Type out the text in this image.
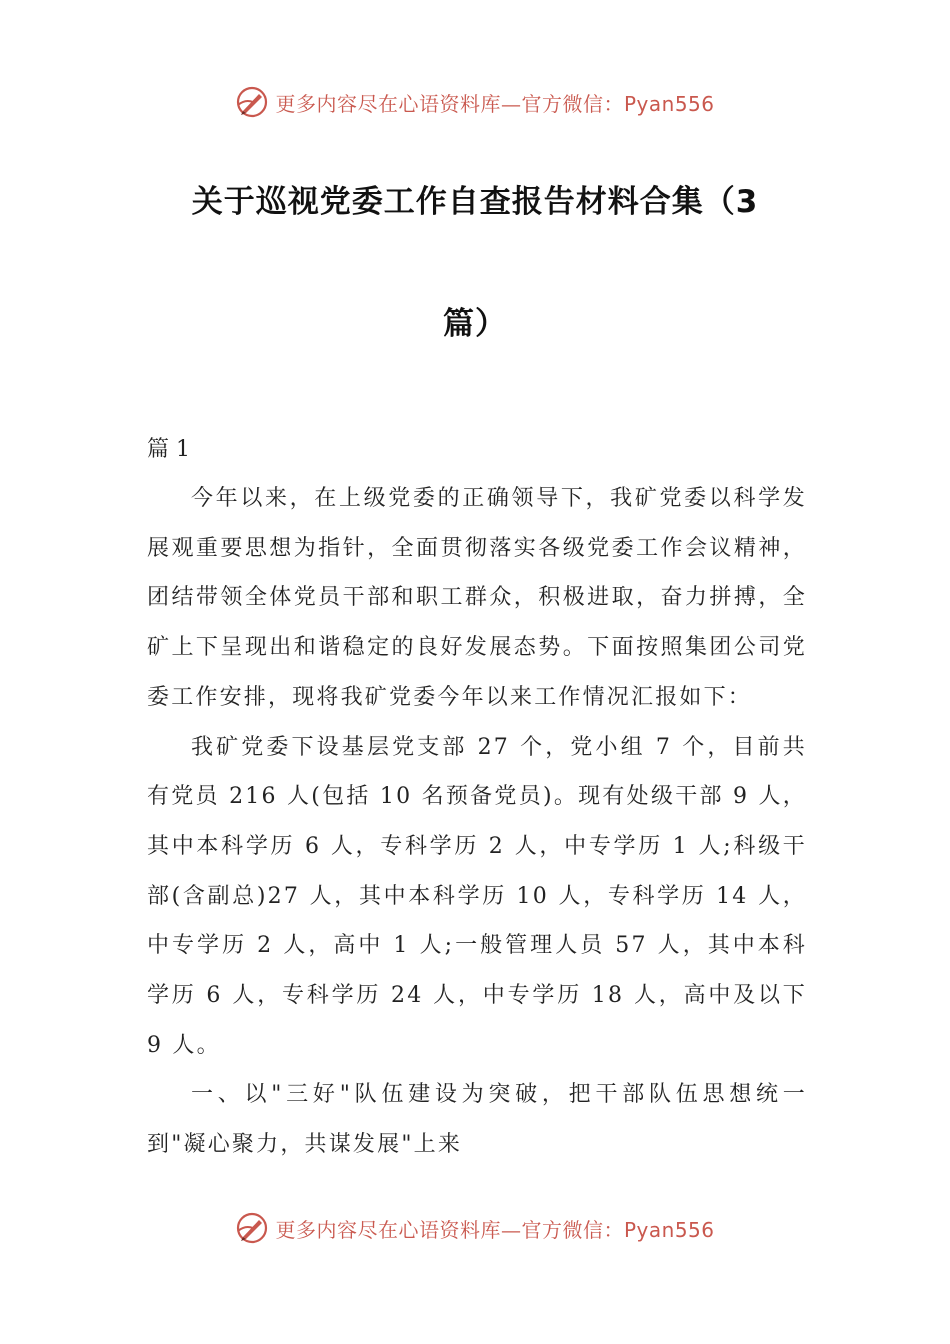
更多内容尽在心语资料库—官方微信：Pyan556
关于巡视党委工作自查报告材料合集（3
篇）

篇 1

今年以来，在上级党委的正确领导下，我矿党委以科学发展观重要思想为指针，全面贯彻落实各级党委工作会议精神，团结带领全体党员干部和职工群众，积极进取，奋力拼搏，全矿上下呈现出和谐稳定的良好发展态势。下面按照集团公司党委工作安排，现将我矿党委今年以来工作情况汇报如下：

我矿党委下设基层党支部 27 个，党小组 7 个，目前共有党员 216 人(包括 10 名预备党员)。现有处级干部 9 人，其中本科学历 6 人，专科学历 2 人，中专学历 1 人;科级干部(含副总)27 人，其中本科学历 10 人，专科学历 14 人，中专学历 2 人，高中 1 人;一般管理人员 57 人，其中本科学历 6 人，专科学历 24 人，中专学历 18 人，高中及以下 9 人。

一、以"三好"队伍建设为突破，把干部队伍思想统一到"凝心聚力，共谋发展"上来

更多内容尽在心语资料库—官方微信：Pyan556
